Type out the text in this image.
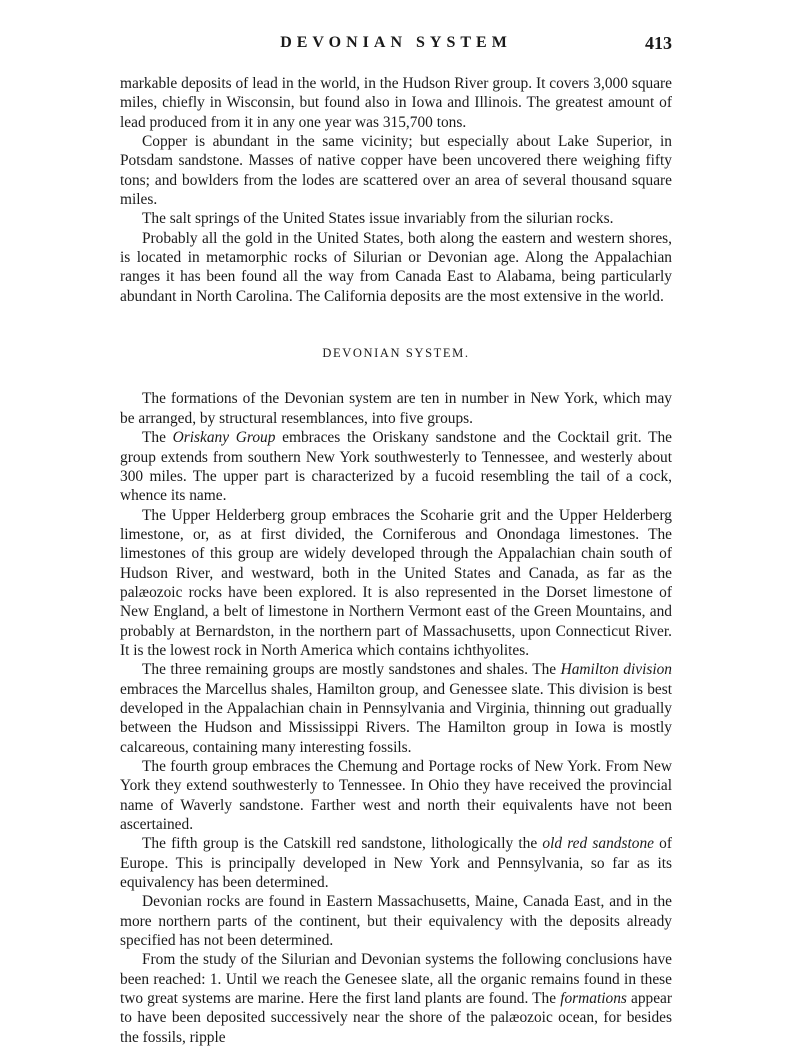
DEVONIAN SYSTEM	413

markable deposits of lead in the world, in the Hudson River group. It covers 3,000 square miles, chiefly in Wisconsin, but found also in Iowa and Illinois. The greatest amount of lead produced from it in any one year was 315,700 tons.

Copper is abundant in the same vicinity; but especially about Lake Superior, in Potsdam sandstone. Masses of native copper have been uncovered there weighing fifty tons; and bowlders from the lodes are scattered over an area of several thousand square miles.

The salt springs of the United States issue invariably from the silurian rocks.

Probably all the gold in the United States, both along the eastern and western shores, is located in metamorphic rocks of Silurian or Devonian age. Along the Appalachian ranges it has been found all the way from Canada East to Alabama, being particularly abundant in North Carolina. The California deposits are the most extensive in the world.

DEVONIAN SYSTEM.

The formations of the Devonian system are ten in number in New York, which may be arranged, by structural resemblances, into five groups.

The Oriskany Group embraces the Oriskany sandstone and the Cocktail grit. The group extends from southern New York southwesterly to Tennessee, and westerly about 300 miles. The upper part is characterized by a fucoid resembling the tail of a cock, whence its name.

The Upper Helderberg group embraces the Scoharie grit and the Upper Helderberg limestone, or, as at first divided, the Corniferous and Onondaga limestones. The limestones of this group are widely developed through the Appalachian chain south of Hudson River, and westward, both in the United States and Canada, as far as the palæozoic rocks have been explored. It is also represented in the Dorset limestone of New England, a belt of limestone in Northern Vermont east of the Green Mountains, and probably at Bernardston, in the northern part of Massachusetts, upon Connecticut River. It is the lowest rock in North America which contains ichthyolites.

The three remaining groups are mostly sandstones and shales. The Hamilton division embraces the Marcellus shales, Hamilton group, and Genessee slate. This division is best developed in the Appalachian chain in Pennsylvania and Virginia, thinning out gradually between the Hudson and Mississippi Rivers. The Hamilton group in Iowa is mostly calcareous, containing many interesting fossils.

The fourth group embraces the Chemung and Portage rocks of New York. From New York they extend southwesterly to Tennessee. In Ohio they have received the provincial name of Waverly sandstone. Farther west and north their equivalents have not been ascertained.

The fifth group is the Catskill red sandstone, lithologically the old red sandstone of Europe. This is principally developed in New York and Pennsylvania, so far as its equivalency has been determined.

Devonian rocks are found in Eastern Massachusetts, Maine, Canada East, and in the more northern parts of the continent, but their equivalency with the deposits already specified has not been determined.

From the study of the Silurian and Devonian systems the following conclusions have been reached: 1. Until we reach the Genesee slate, all the organic remains found in these two great systems are marine. Here the first land plants are found. The formations appear to have been deposited successively near the shore of the palæozoic ocean, for besides the fossils, ripple
